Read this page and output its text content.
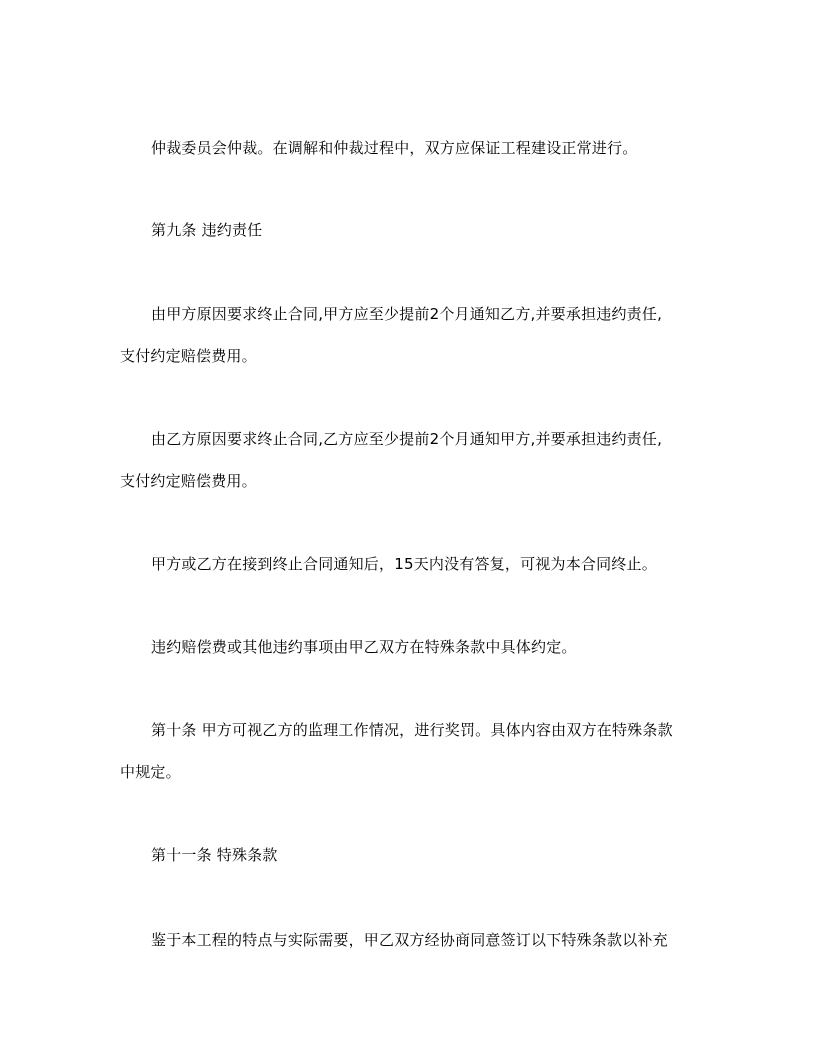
仲裁委员会仲裁。在调解和仲裁过程中，双方应保证工程建设正常进行。
第九条 违约责任
由甲方原因要求终止合同,甲方应至少提前2个月通知乙方,并要承担违约责任,
支付约定赔偿费用。
由乙方原因要求终止合同,乙方应至少提前2个月通知甲方,并要承担违约责任,
支付约定赔偿费用。
甲方或乙方在接到终止合同通知后，15天内没有答复，可视为本合同终止。
违约赔偿费或其他违约事项由甲乙双方在特殊条款中具体约定。
第十条 甲方可视乙方的监理工作情况，进行奖罚。具体内容由双方在特殊条款
中规定。
第十一条 特殊条款
鉴于本工程的特点与实际需要，甲乙双方经协商同意签订以下特殊条款以补充
